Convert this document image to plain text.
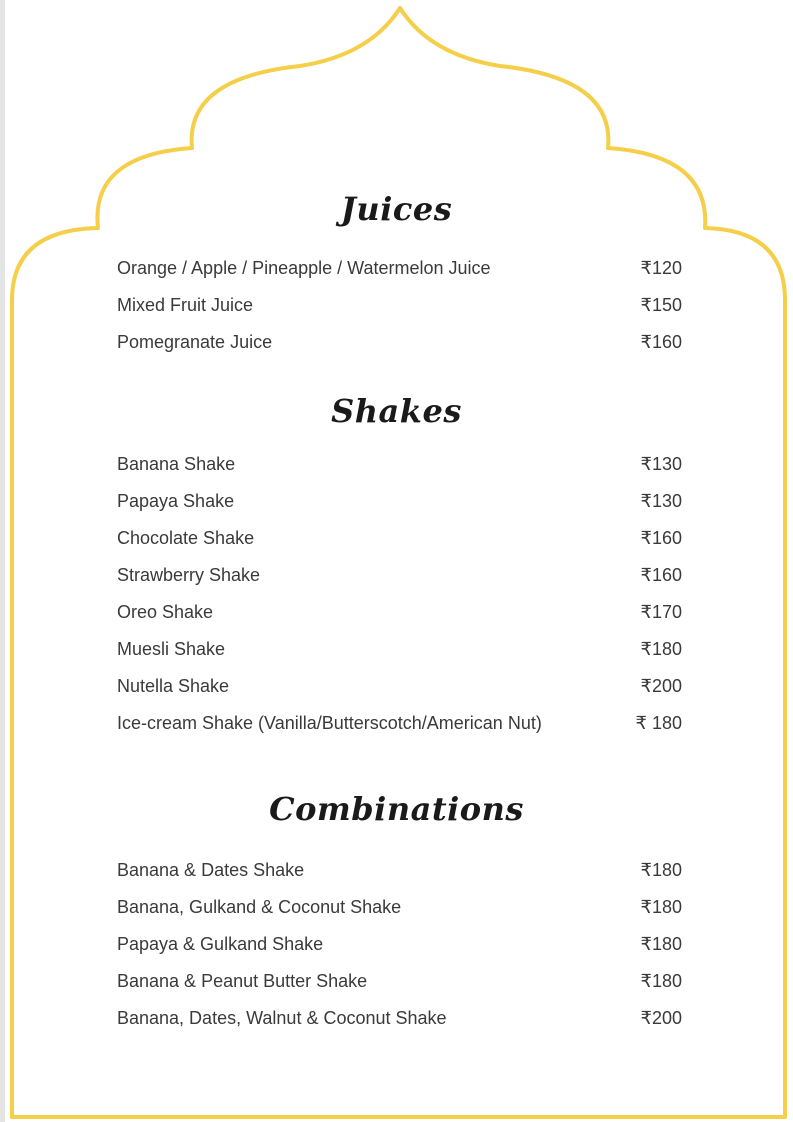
Juices
Orange / Apple / Pineapple / Watermelon Juice	₹120
Mixed Fruit Juice	₹150
Pomegranate Juice	₹160
Shakes
Banana Shake	₹130
Papaya Shake	₹130
Chocolate Shake	₹160
Strawberry Shake	₹160
Oreo Shake	₹170
Muesli Shake	₹180
Nutella Shake	₹200
Ice-cream Shake (Vanilla/Butterscotch/American Nut)	₹ 180
Combinations
Banana & Dates Shake	₹180
Banana, Gulkand & Coconut Shake	₹180
Papaya & Gulkand Shake	₹180
Banana & Peanut Butter Shake	₹180
Banana, Dates, Walnut & Coconut Shake	₹200
